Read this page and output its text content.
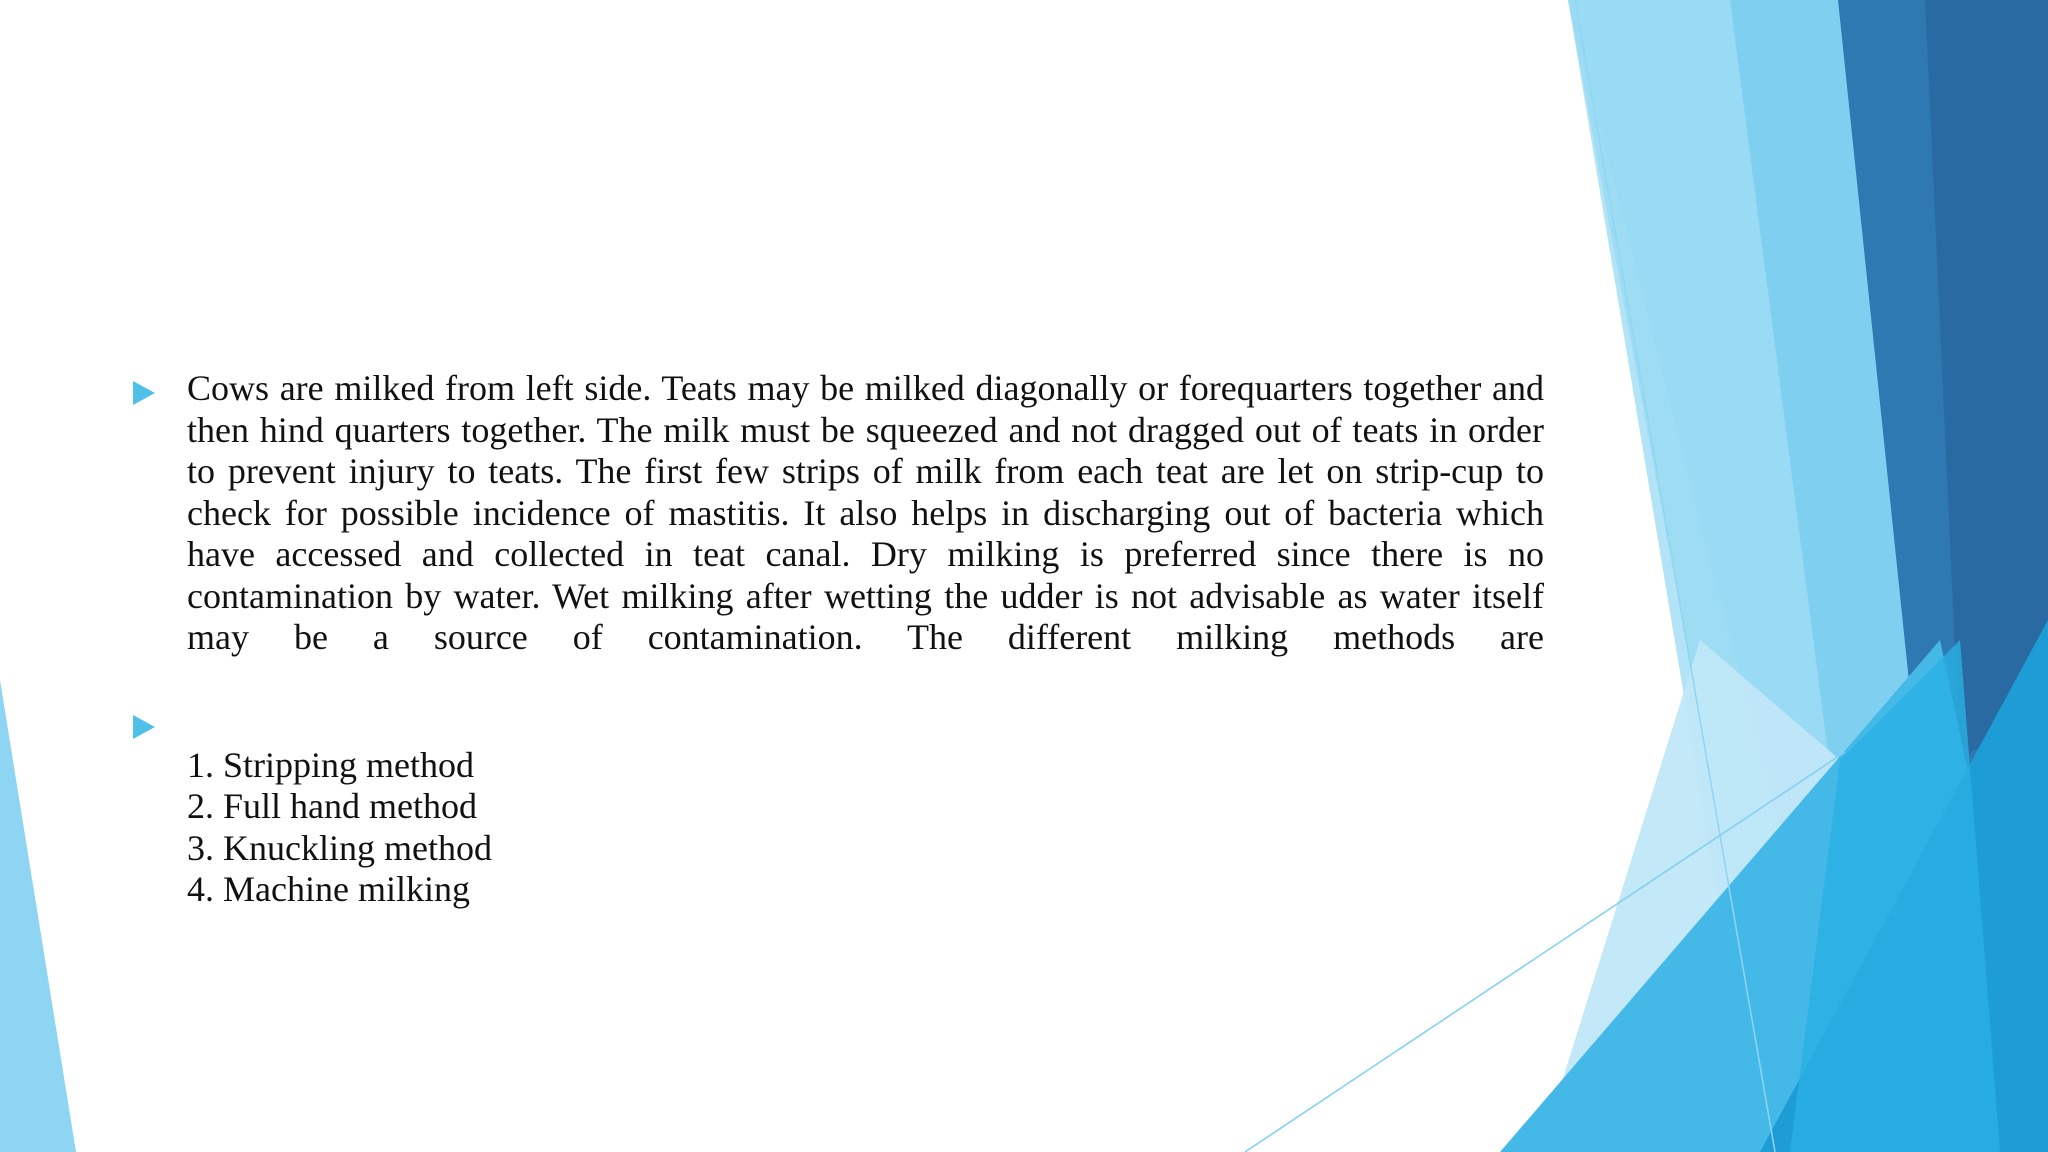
Cows are milked from left side. Teats may be milked diagonally or forequarters together and then hind quarters together. The milk must be squeezed and not dragged out of teats in order to prevent injury to teats. The first few strips of milk from each teat are let on strip-cup to check for possible incidence of mastitis. It also helps in discharging out of bacteria which have accessed and collected in teat canal. Dry milking is preferred since there is no contamination by water. Wet milking after wetting the udder is not advisable as water itself may be a source of contamination. The different milking methods are

1. Stripping method
2. Full hand method
3. Knuckling method
4. Machine milking
